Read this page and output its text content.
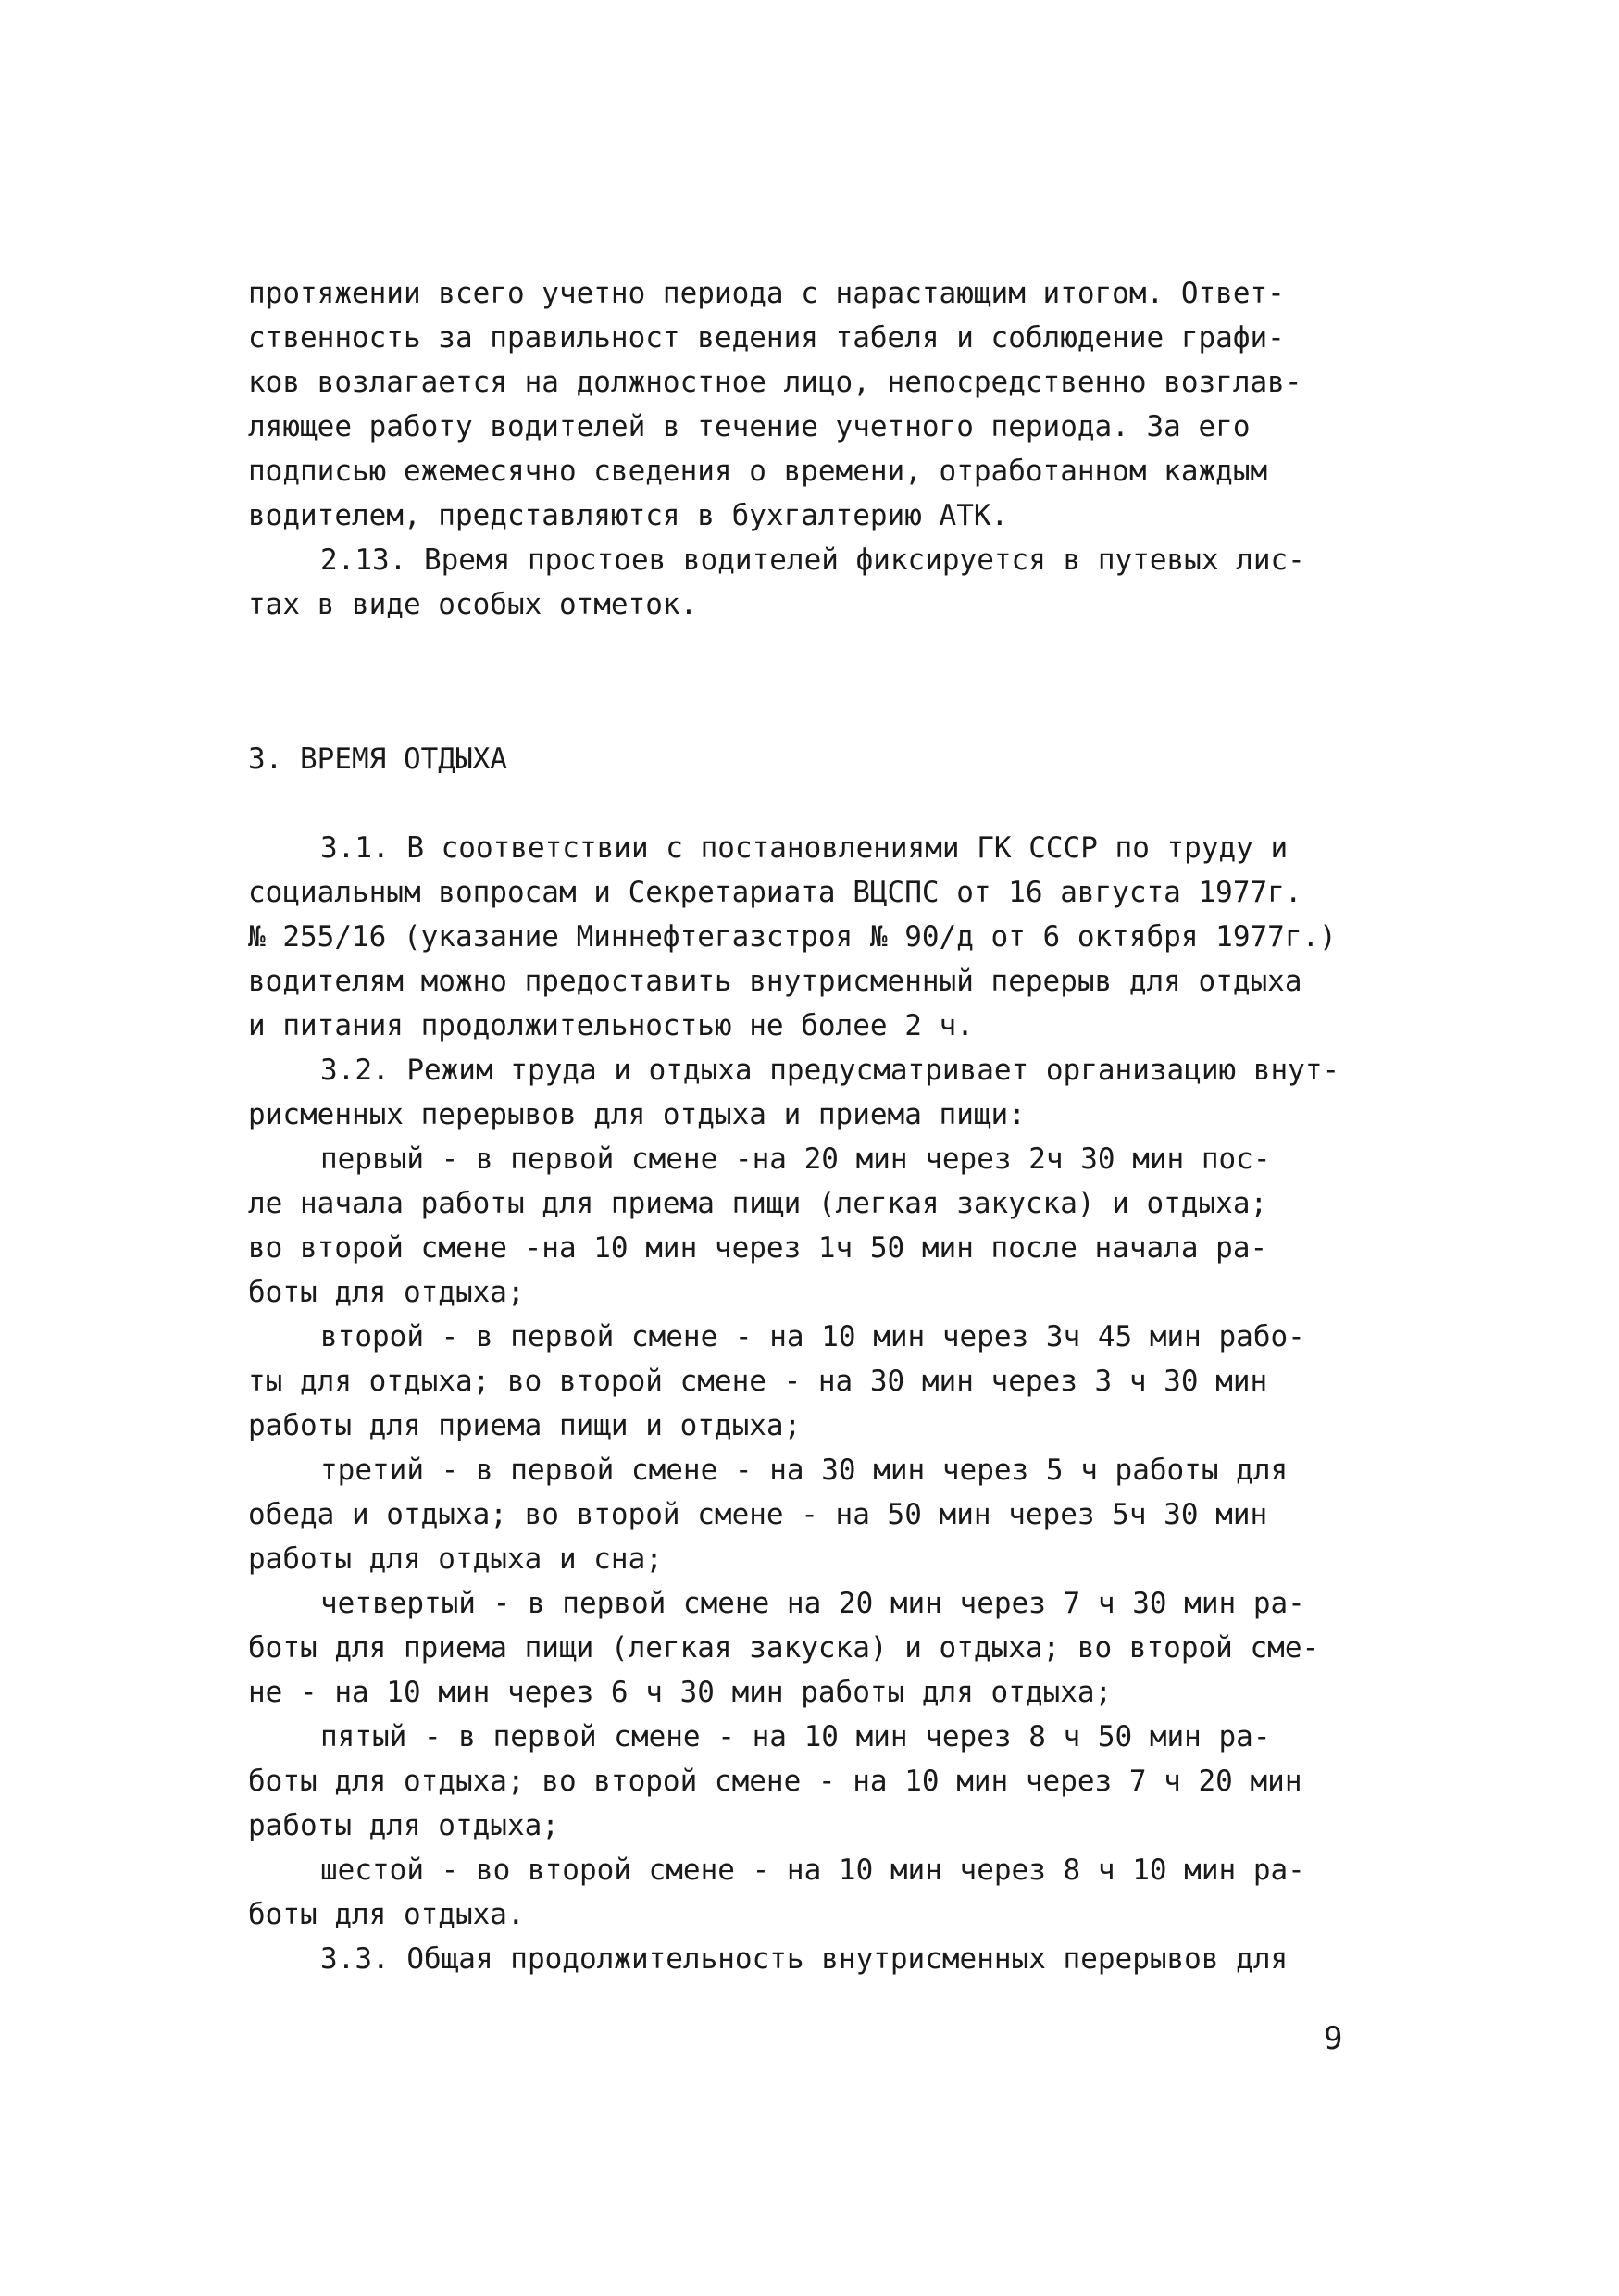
протяжении всего учетно периода с нарастающим итогом. Ответ-
ственность за правильност ведения табеля и соблюдение графи-
ков возлагается на должностное лицо, непосредственно возглав-
ляющее работу водителей в течение учетного периода. За его
подписью ежемесячно сведения о времени, отработанном каждым
водителем, представляются в бухгалтерию АТК.
2.13. Время простоев водителей фиксируется в путевых лис-
тах в виде особых отметок.
3. ВРЕМЯ ОТДЫХА
3.1. В соответствии с постановлениями ГК СССР по труду и
социальным вопросам и Секретариата ВЦСПС от 16 августа 1977г.
№ 255/16 (указание Миннефтегазстроя № 90/д от 6 октября 1977г.)
водителям можно предоставить внутрисменный перерыв для отдыха
и питания продолжительностью не более 2 ч.
3.2. Режим труда и отдыха предусматривает организацию внут-
рисменных перерывов для отдыха и приема пищи:
первый - в первой смене -на 20 мин через 2ч 30 мин пос-
ле начала работы для приема пищи (легкая закуска) и отдыха;
во второй смене -на 10 мин через 1ч 50 мин после начала ра-
боты для отдыха;
второй - в первой смене - на 10 мин через 3ч 45 мин рабо-
ты для отдыха; во второй смене - на 30 мин через 3 ч 30 мин
работы для приема пищи и отдыха;
третий - в первой смене - на 30 мин через 5 ч работы для
обеда и отдыха; во второй смене - на 50 мин через 5ч 30 мин
работы для отдыха и сна;
четвертый - в первой смене на 20 мин через 7 ч 30 мин ра-
боты для приема пищи (легкая закуска) и отдыха; во второй сме-
не - на 10 мин через 6 ч 30 мин работы для отдыха;
пятый - в первой смене - на 10 мин через 8 ч 50 мин ра-
боты для отдыха; во второй смене - на 10 мин через 7 ч 20 мин
работы для отдыха;
шестой - во второй смене - на 10 мин через 8 ч 10 мин ра-
боты для отдыха.
3.3. Общая продолжительность внутрисменных перерывов для
9
